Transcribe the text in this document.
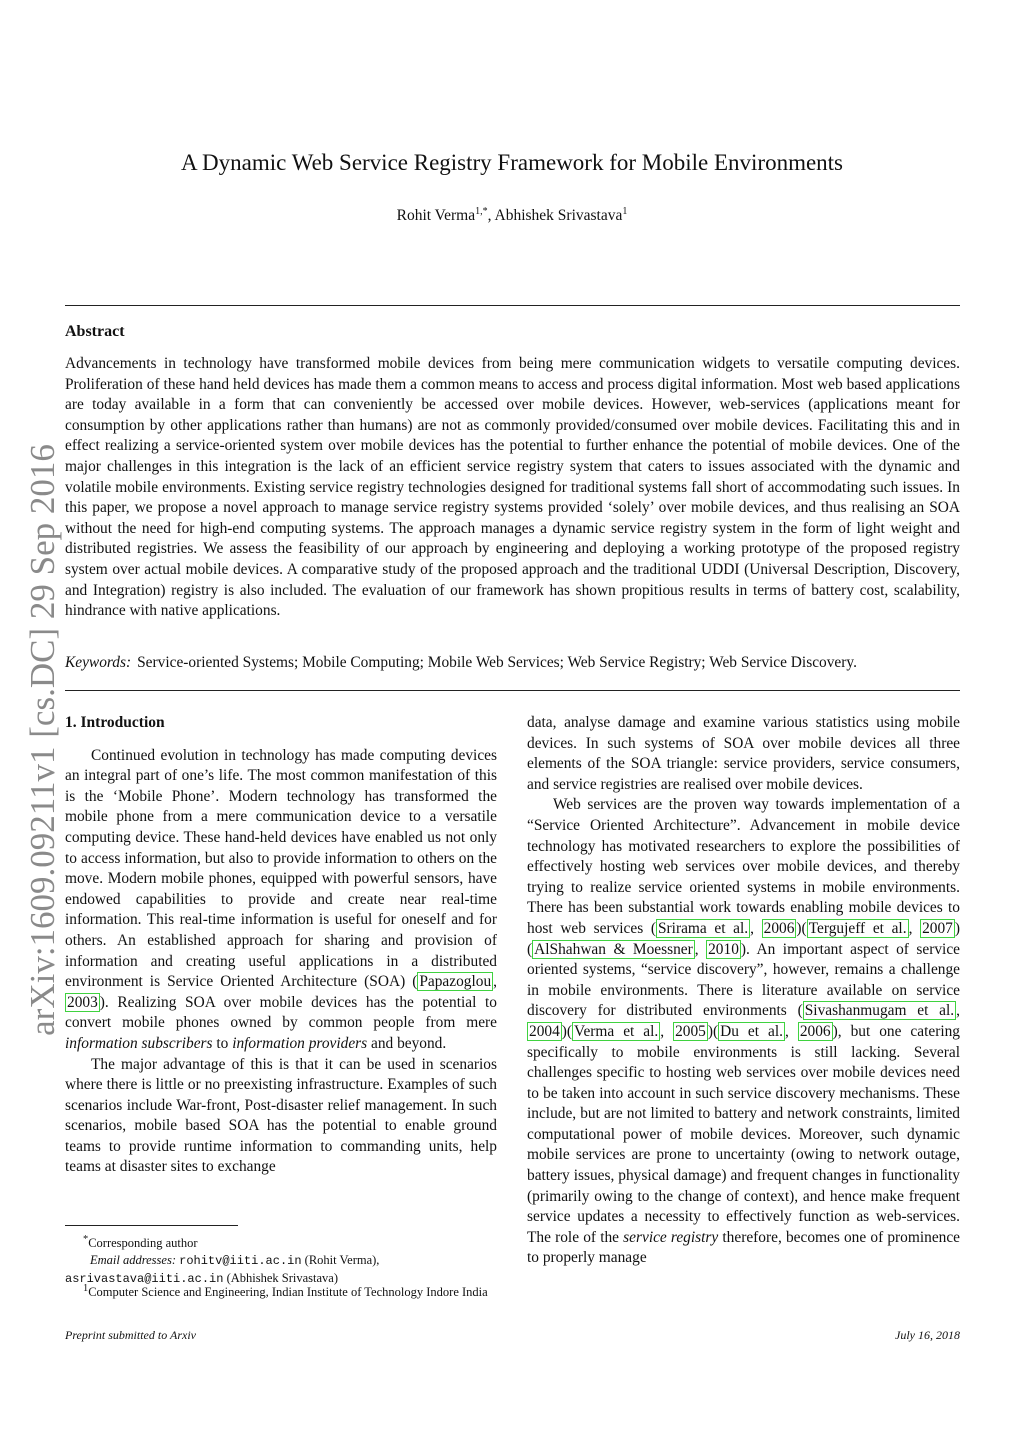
arXiv:1609.09211v1 [cs.DC] 29 Sep 2016
A Dynamic Web Service Registry Framework for Mobile Environments
Rohit Verma$^{1,*}$, Abhishek Srivastava$^1$
Abstract
Advancements in technology have transformed mobile devices from being mere communication widgets to versatile computing devices. Proliferation of these hand held devices has made them a common means to access and process digital information. Most web based applications are today available in a form that can conveniently be accessed over mobile devices. However, web-services (applications meant for consumption by other applications rather than humans) are not as commonly provided/consumed over mobile devices. Facilitating this and in effect realizing a service-oriented system over mobile devices has the potential to further enhance the potential of mobile devices. One of the major challenges in this integration is the lack of an efficient service registry system that caters to issues associated with the dynamic and volatile mobile environments. Existing service registry technologies designed for traditional systems fall short of accommodating such issues. In this paper, we propose a novel approach to manage service registry systems provided ‘solely’ over mobile devices, and thus realising an SOA without the need for high-end computing systems. The approach manages a dynamic service registry system in the form of light weight and distributed registries. We assess the feasibility of our approach by engineering and deploying a working prototype of the proposed registry system over actual mobile devices. A comparative study of the proposed approach and the traditional UDDI (Universal Description, Discovery, and Integration) registry is also included. The evaluation of our framework has shown propitious results in terms of battery cost, scalability, hindrance with native applications.
Keywords: Service-oriented Systems; Mobile Computing; Mobile Web Services; Web Service Registry; Web Service Discovery.
1. Introduction

Continued evolution in technology has made computing devices an integral part of one’s life. The most common manifestation of this is the ‘Mobile Phone’. Modern technology has transformed the mobile phone from a mere communication device to a versatile computing device. These hand-held devices have enabled us not only to access information, but also to provide information to others on the move. Modern mobile phones, equipped with powerful sensors, have endowed capabilities to provide and create near real-time information. This real-time information is useful for oneself and for others. An established approach for sharing and provision of information and creating useful applications in a distributed environment is Service Oriented Architecture (SOA) ( Papazoglou , 2003 ). Realizing SOA over mobile devices has the potential to convert mobile phones owned by common people from mere information subscribers to information providers and beyond.

The major advantage of this is that it can be used in scenarios where there is little or no preexisting infrastructure. Examples of such scenarios include War-front, Post-disaster relief management. In such scenarios, mobile based SOA has the potential to enable ground teams to provide runtime information to commanding units, help teams at disaster sites to exchange

data, analyse damage and examine various statistics using mobile devices. In such systems of SOA over mobile devices all three elements of the SOA triangle: service providers, service consumers, and service registries are realised over mobile devices.

Web services are the proven way towards implementation of a “Service Oriented Architecture”. Advancement in mobile device technology has motivated researchers to explore the possibilities of effectively hosting web services over mobile devices, and thereby trying to realize service oriented systems in mobile environments. There has been substantial work towards enabling mobile devices to host web services ( Srirama et al. , 2006 )( Tergujeff et al. , 2007 )( AlShahwan & Moessner , 2010 ). An important aspect of service oriented systems, “service discovery”, however, remains a challenge in mobile environments. There is literature available on service discovery for distributed environments ( Sivashanmugam et al. , 2004 )( Verma et al. , 2005 )( Du et al. , 2006 ), but one catering specifically to mobile environments is still lacking. Several challenges specific to hosting web services over mobile devices need to be taken into account in such service discovery mechanisms. These include, but are not limited to battery and network constraints, limited computational power of mobile devices. Moreover, such dynamic mobile services are prone to uncertainty (owing to network outage, battery issues, physical damage) and frequent changes in functionality (primarily owing to the change of context), and hence make frequent service updates a necessity to effectively function as web-services. The role of the service registry therefore, becomes one of prominence to properly manage

*Corresponding author
Email addresses: rohitv@iiti.ac.in (Rohit Verma),
asrivastava@iiti.ac.in (Abhishek Srivastava)
$^1$Computer Science and Engineering, Indian Institute of Technology Indore India
Preprint submitted to Arxiv	July 16, 2018
